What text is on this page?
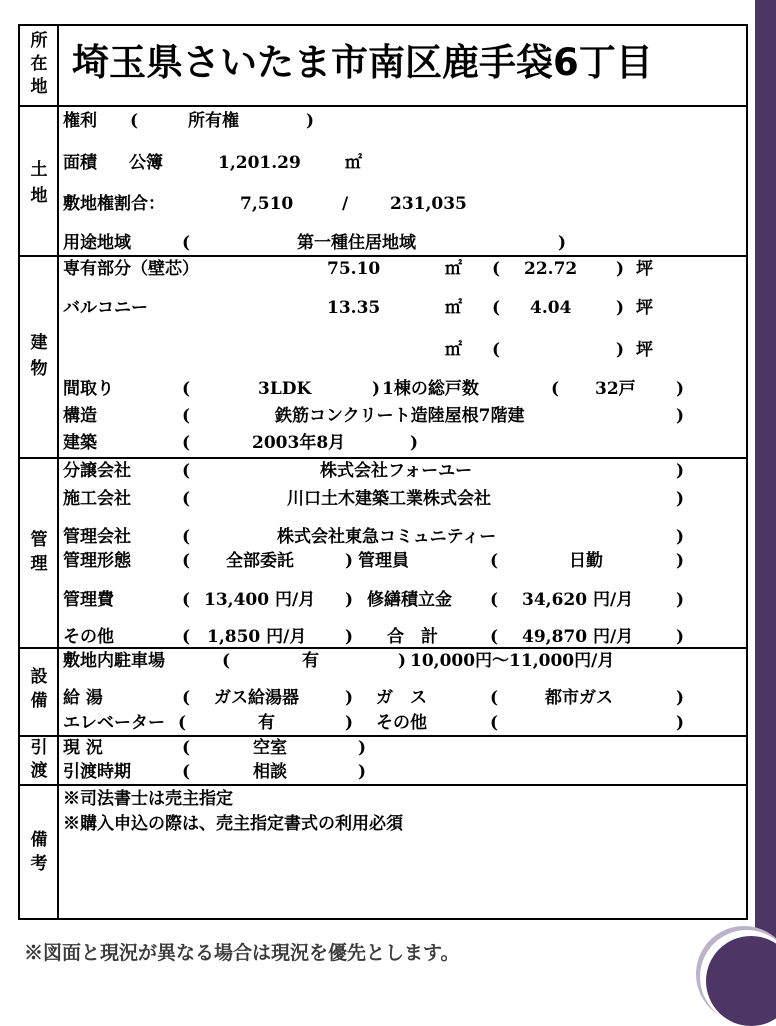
所在地
埼玉県さいたま市南区鹿手袋6丁目
土地
権利 (	所有権	)
面積 公簿	1,201.29	㎡
敷地権割合：	7,510	/ 231,035
用途地域	(	第一種住居地域	)
建物
専有部分（壁芯）	75.10	㎡ ( 22.72 ) 坪
バルコニー	13.35	㎡ ( 4.04	) 坪
㎡ (	) 坪
間取り	(	3LDK	) 1棟の総戸数	( 32戸 )
構造	(	鉄筋コンクリート造陸屋根7階建	)
建築	(	2003年8月	)
管理
分譲会社	(	株式会社フォーユー	)
施工会社	(	川口土木建築工業株式会社	)
管理会社	(	株式会社東急コミュニティー	)
管理形態	( 全部委託	) 管理員	(	日勤	)
管理費	( 13,400 円/月 ) 修繕積立金 ( 34,620 円/月	)
その他	( 1,850 円/月 ) 合　計	( 49,870 円/月	)
設備
敷地内駐車場	(	有	) 10,000円～11,000円/月
給 湯	( ガス給湯器	) ガ　ス	(	都市ガス	)
エレベーター (	有	) その他	(	)
引渡
現 況	(	空室	)
引渡時期	(	相談	)
備考
※司法書士は売主指定
※購入申込の際は、売主指定書式の利用必須
※図面と現況が異なる場合は現況を優先とします。
